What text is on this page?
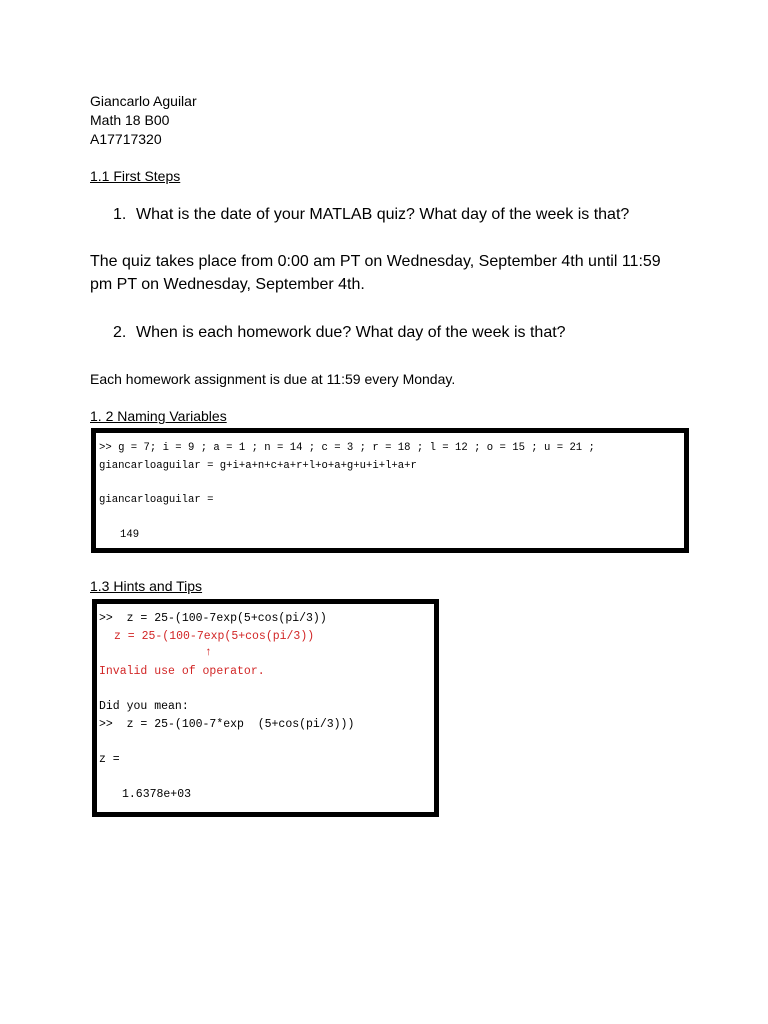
Giancarlo Aguilar
Math 18 B00
A17717320
1.1 First Steps
1. What is the date of your MATLAB quiz? What day of the week is that?
The quiz takes place from 0:00 am PT on Wednesday, September 4th until 11:59
pm PT on Wednesday, September 4th.
2. When is each homework due? What day of the week is that?
Each homework assignment is due at 11:59 every Monday.
1. 2 Naming Variables
>> g = 7; i = 9 ; a = 1 ; n = 14 ; c = 3 ; r = 18 ; l = 12 ; o = 15 ; u = 21 ;
giancarloaguilar = g+i+a+n+c+a+r+l+o+a+g+u+i+l+a+r
giancarloaguilar =
149
1.3 Hints and Tips
>>  z = 25-(100-7exp(5+cos(pi/3))
z = 25-(100-7exp(5+cos(pi/3))
↑
Invalid use of operator.
Did you mean:
>>  z = 25-(100-7*exp  (5+cos(pi/3)))
z =
1.6378e+03
